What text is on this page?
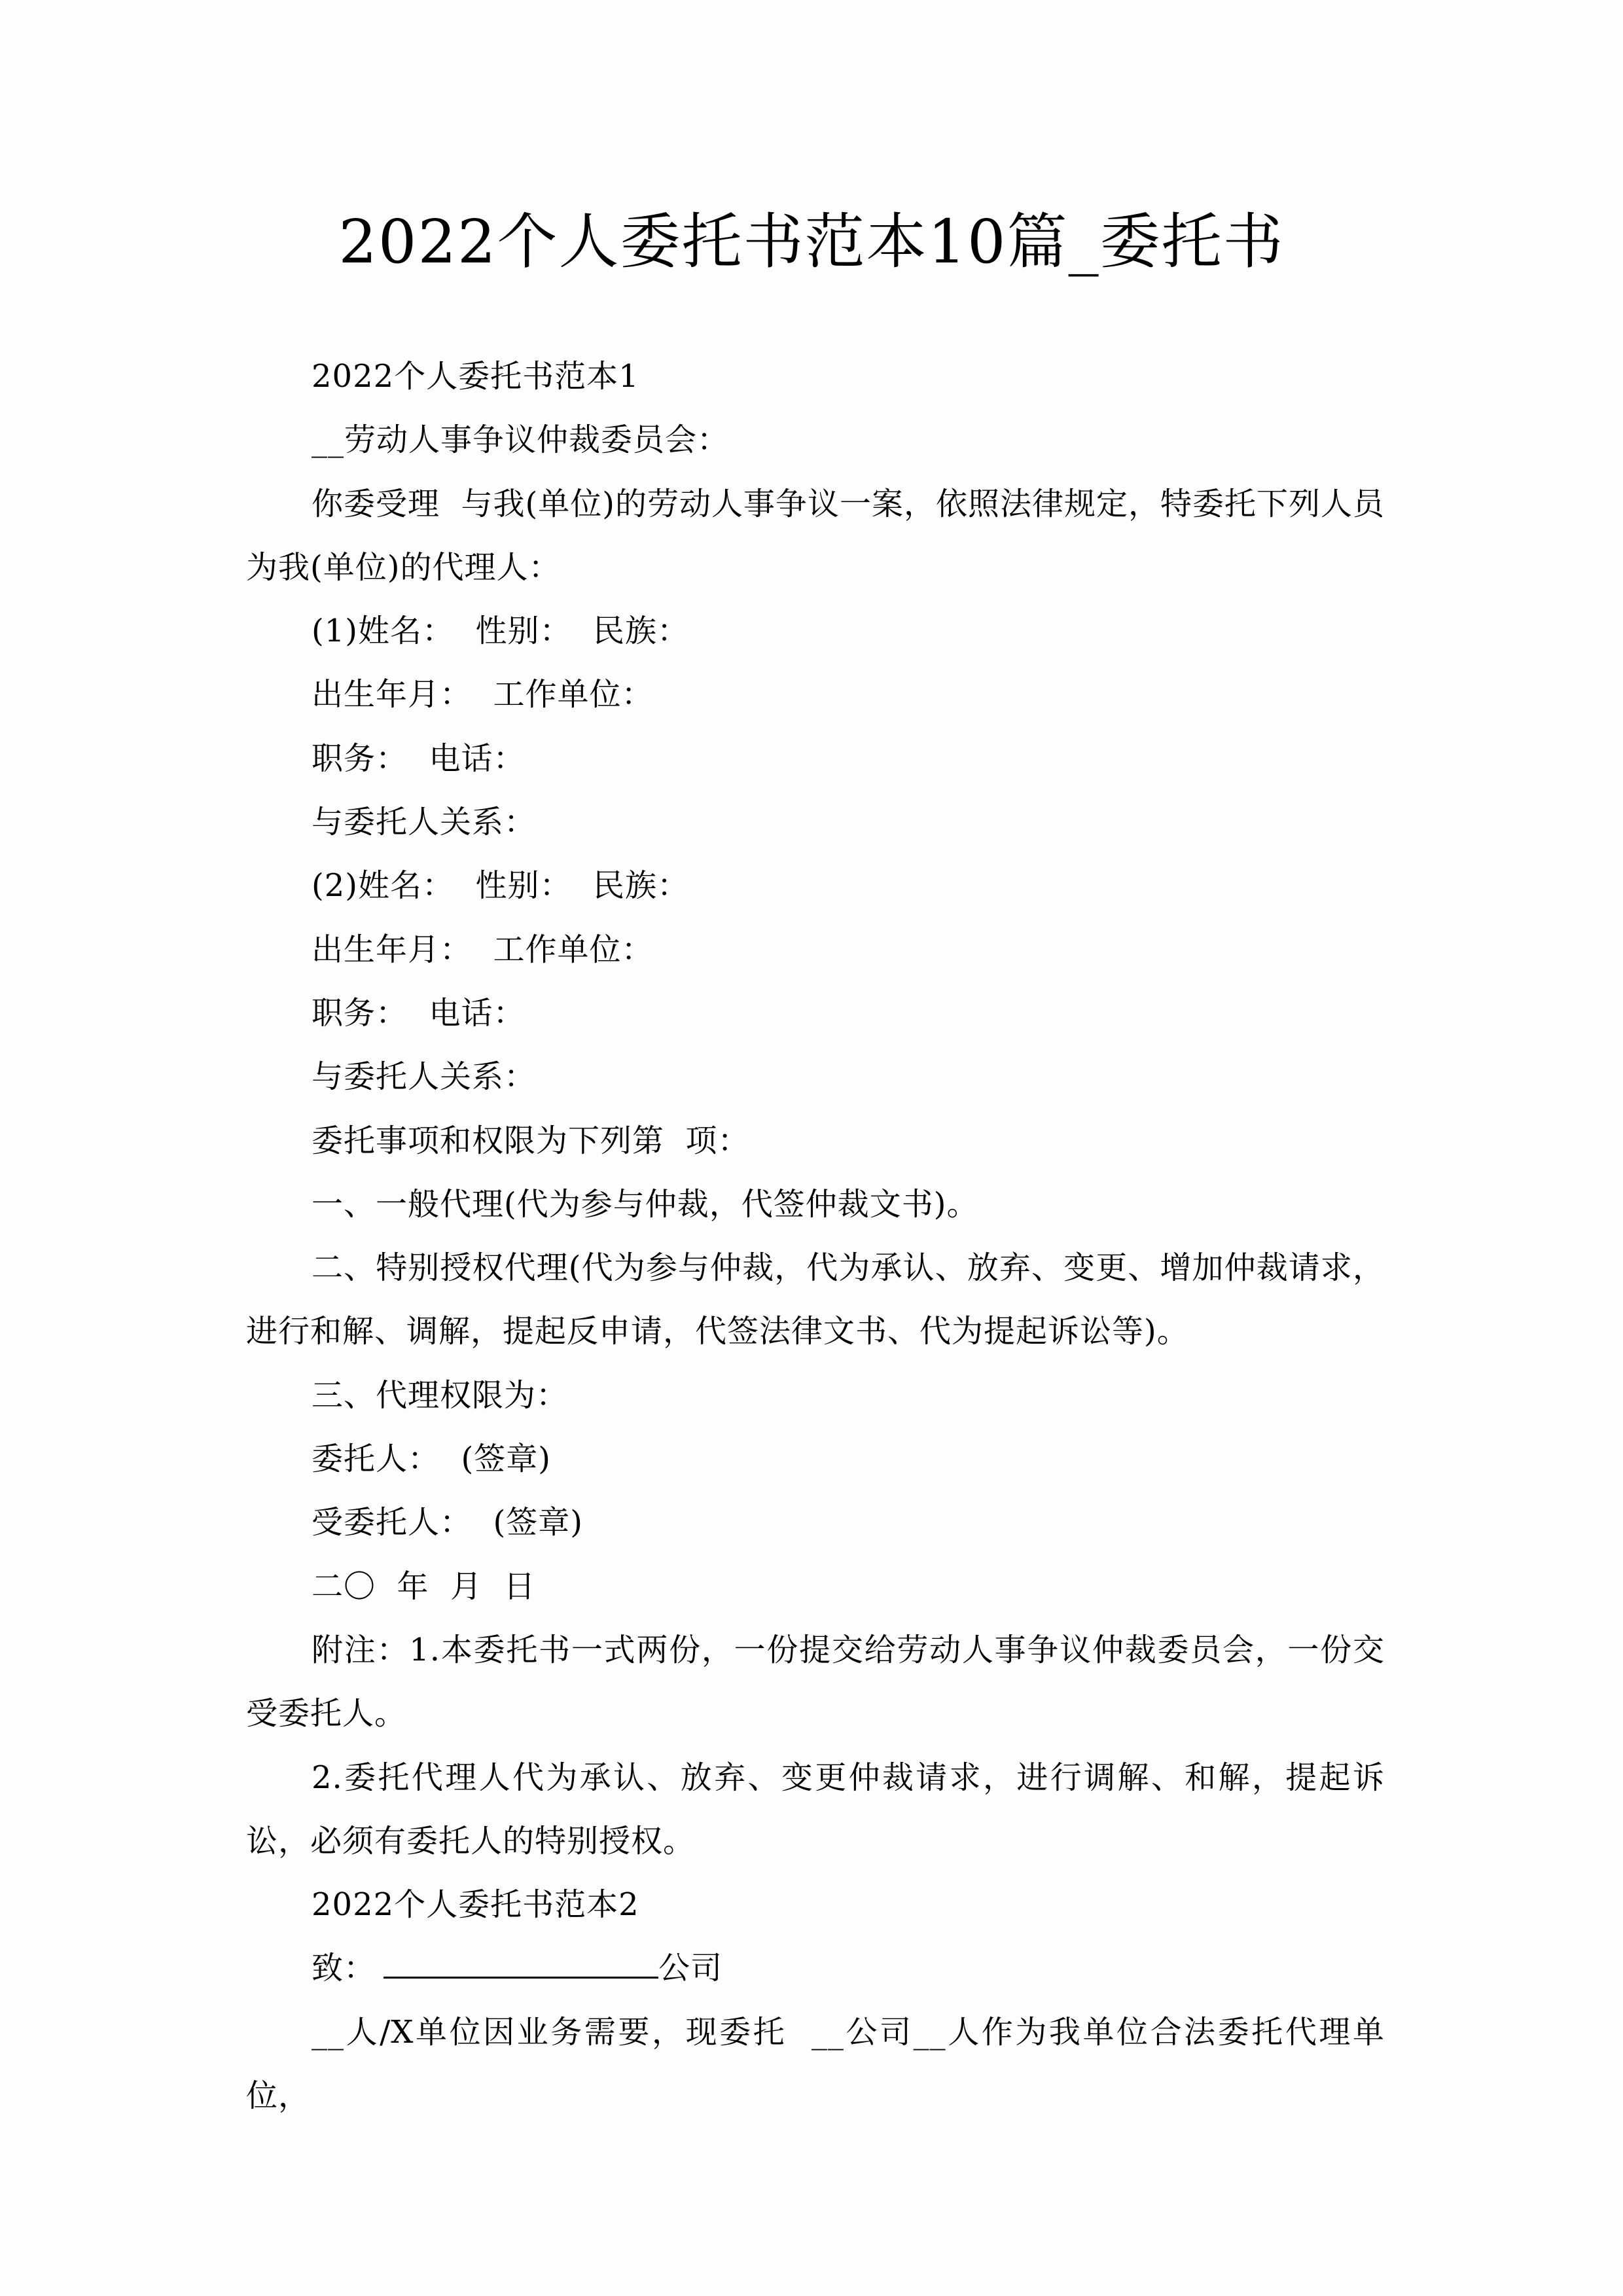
2022个人委托书范本10篇_委托书

2022个人委托书范本1

__劳动人事争议仲裁委员会：

你委受理  与我(单位)的劳动人事争议一案，依照法律规定，特委托下列人员为我(单位)的代理人：

(1)姓名：  性别：  民族：

出生年月：  工作单位：

职务：  电话：

与委托人关系：

(2)姓名：  性别：  民族：

出生年月：  工作单位：

职务：  电话：

与委托人关系：

委托事项和权限为下列第  项：

一、一般代理(代为参与仲裁，代签仲裁文书)。

二、特别授权代理(代为参与仲裁，代为承认、放弃、变更、增加仲裁请求，进行和解、调解，提起反申请，代签法律文书、代为提起诉讼等)。

三、代理权限为：

委托人：  (签章)

受委托人：  (签章)

二〇  年  月  日

附注：1.本委托书一式两份，一份提交给劳动人事争议仲裁委员会，一份交受委托人。

2.委托代理人代为承认、放弃、变更仲裁请求，进行调解、和解，提起诉讼，必须有委托人的特别授权。

2022个人委托书范本2

致：	公司

__人/X单位因业务需要，现委托  __公司__人作为我单位合法委托代理单位，
